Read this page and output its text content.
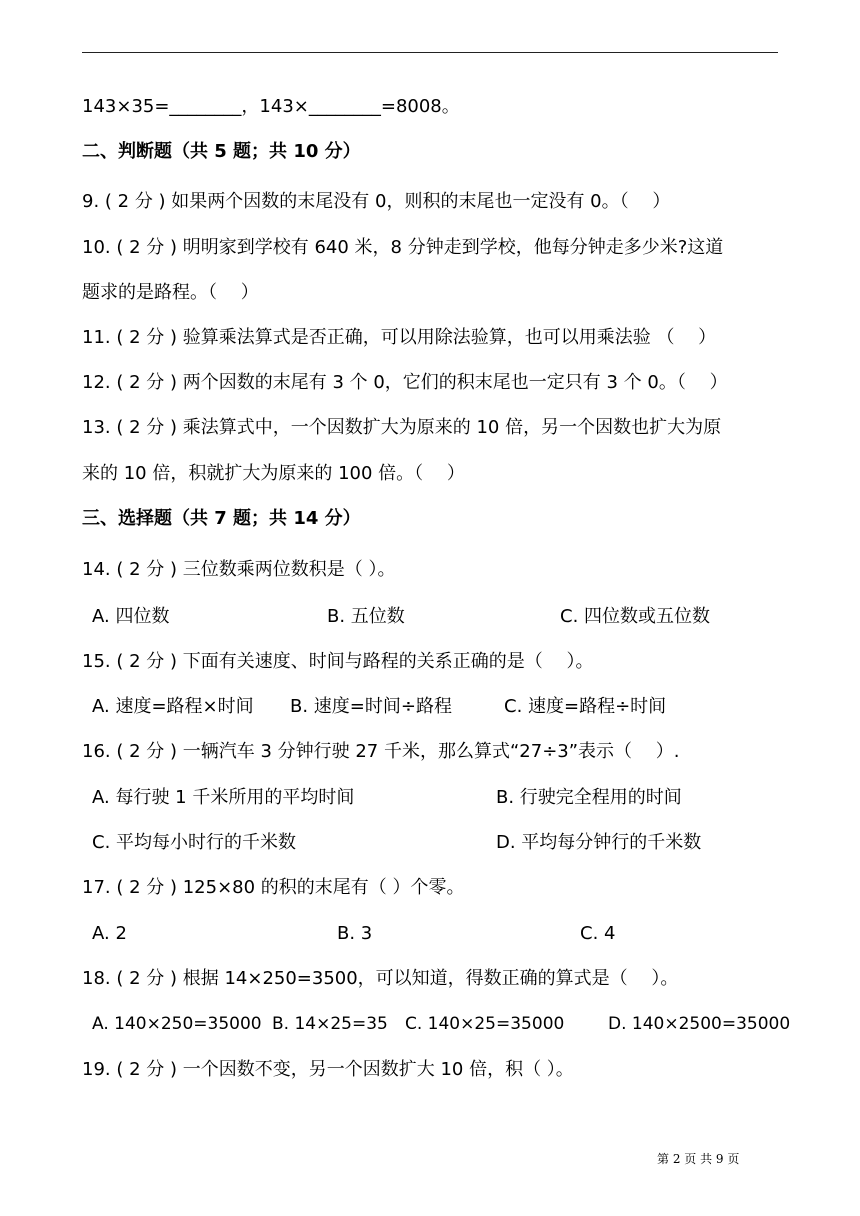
143×35=________，143×________=8008。
二、判断题（共 5 题；共 10 分）
9. ( 2 分 ) 如果两个因数的末尾没有 0，则积的末尾也一定没有 0。（　 ）
10. ( 2 分 ) 明明家到学校有 640 米，8 分钟走到学校，他每分钟走多少米?这道
题求的是路程。（　 ）
11. ( 2 分 ) 验算乘法算式是否正确，可以用除法验算，也可以用乘法验 （　 ）
12. ( 2 分 ) 两个因数的末尾有 3 个 0，它们的积末尾也一定只有 3 个 0。（　 ）
13. ( 2 分 ) 乘法算式中，一个因数扩大为原来的 10 倍，另一个因数也扩大为原
来的 10 倍，积就扩大为原来的 100 倍。（　 ）
三、选择题（共 7 题；共 14 分）
14. ( 2 分 ) 三位数乘两位数积是（ ）。
A. 四位数	B. 五位数	C. 四位数或五位数
15. ( 2 分 ) 下面有关速度、时间与路程的关系正确的是（　 ）。
A. 速度=路程×时间 B. 速度=时间÷路程	C. 速度=路程÷时间
16. ( 2 分 ) 一辆汽车 3 分钟行驶 27 千米，那么算式“27÷3”表示（　 ）.
A. 每行驶 1 千米所用的平均时间	B. 行驶完全程用的时间
C. 平均每小时行的千米数	D. 平均每分钟行的千米数
17. ( 2 分 ) 125×80 的积的末尾有（ ）个零。
A. 2	B. 3	C. 4
18. ( 2 分 ) 根据 14×250=3500，可以知道，得数正确的算式是（　 ）。
A. 140×250=35000 B. 14×25=35 C. 140×25=35000	D. 140×2500=35000
19. ( 2 分 ) 一个因数不变，另一个因数扩大 10 倍，积（ ）。
第 2 页 共 9 页
